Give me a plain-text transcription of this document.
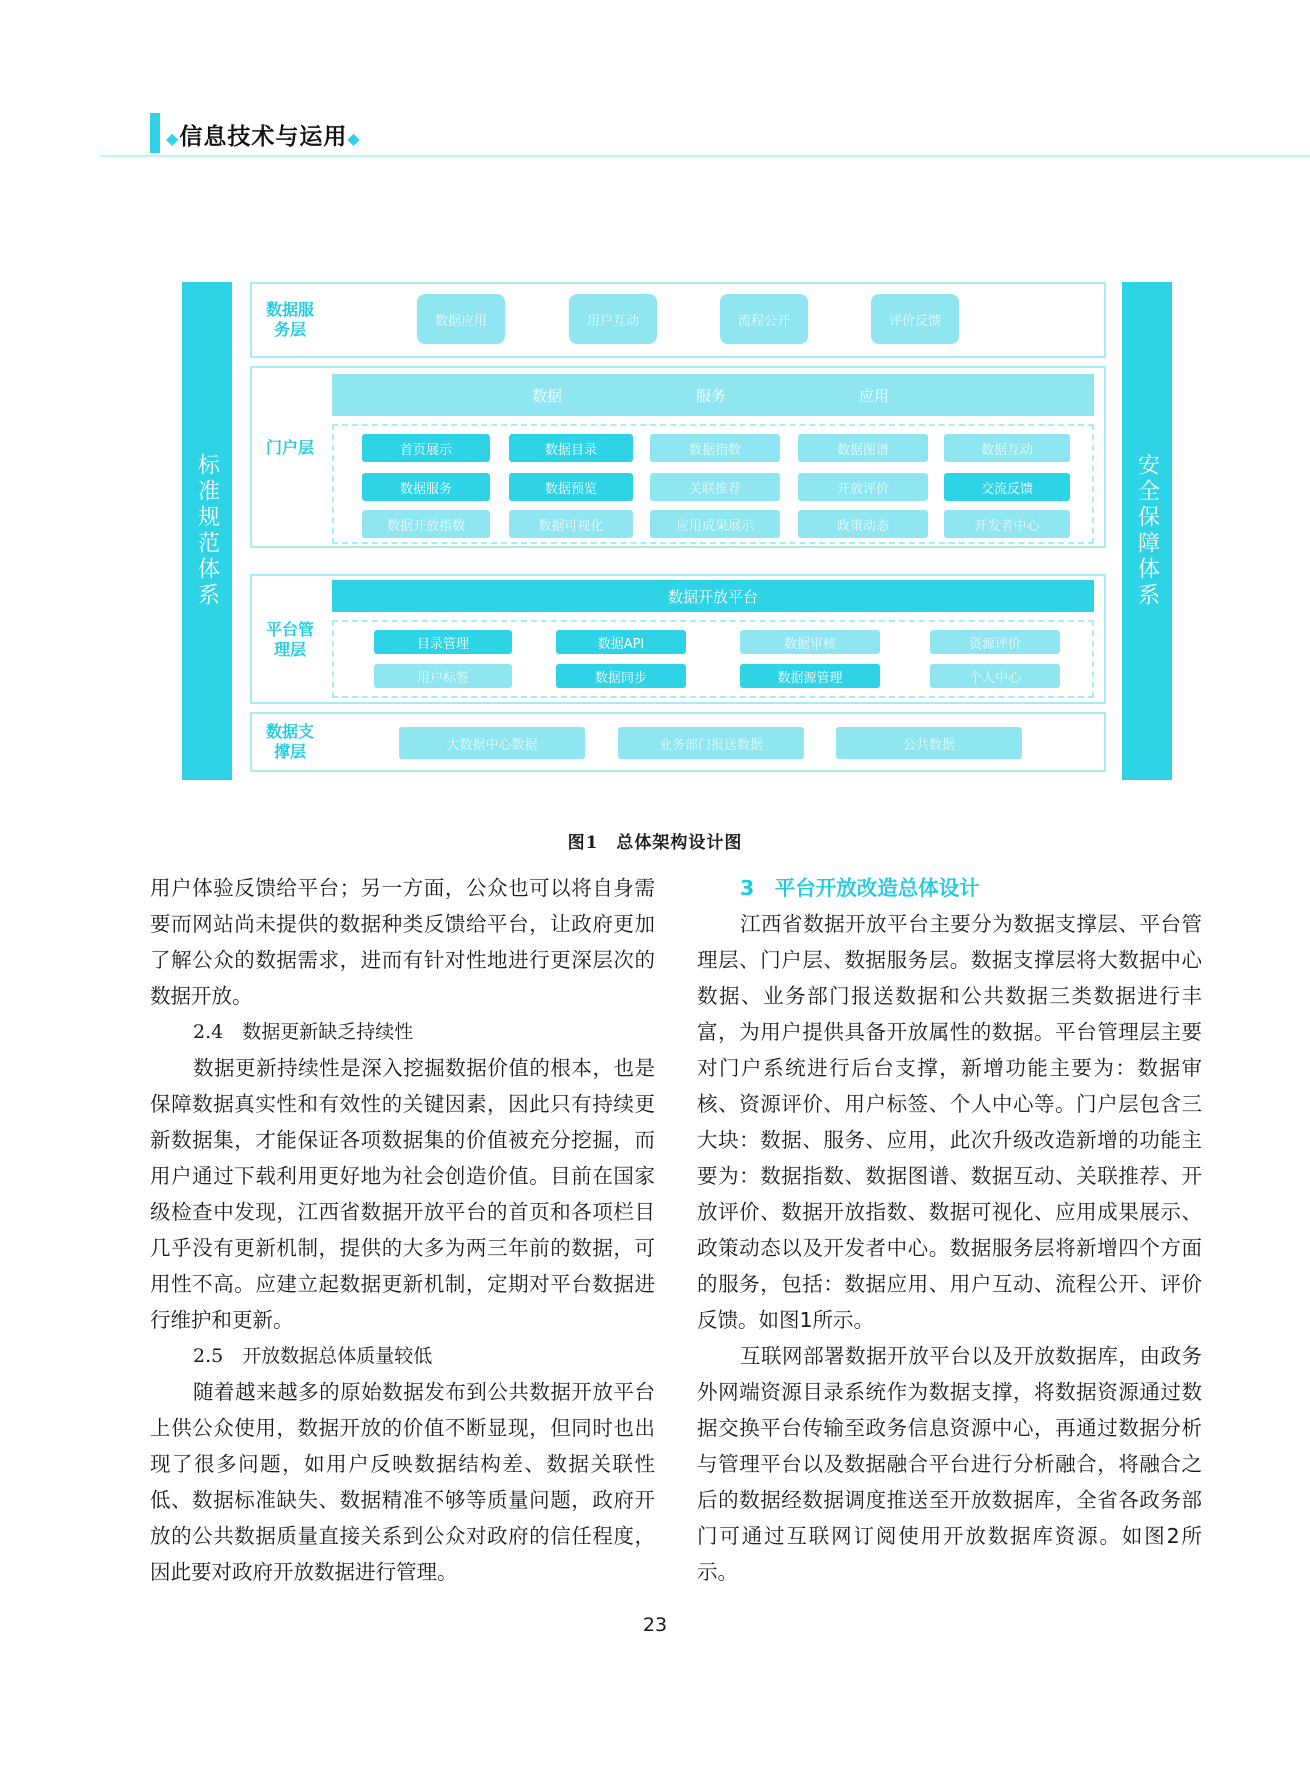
◆信息技术与运用◆
标准规范体系	安全保障体系
数据服务层	数据应用	用户互动	流程公开	评价反馈
门户层
数据	服务	应用
首页展示	数据目录	数据指数	数据图谱	数据互动
数据服务	数据预览	关联推荐	开放评价	交流反馈
数据开放指数	数据可视化	应用成果展示	政策动态	开发者中心
平台管理层
数据开放平台
目录管理	数据API	数据审核	资源评价
用户标签	数据同步	数据源管理	个人中心
数据支撑层	大数据中心数据	业务部门报送数据	公共数据
图1　总体架构设计图

用户体验反馈给平台；另一方面，公众也可以将自身需要而网站尚未提供的数据种类反馈给平台，让政府更加了解公众的数据需求，进而有针对性地进行更深层次的数据开放。

2.4　数据更新缺乏持续性

数据更新持续性是深入挖掘数据价值的根本，也是保障数据真实性和有效性的关键因素，因此只有持续更新数据集，才能保证各项数据集的价值被充分挖掘，而用户通过下载利用更好地为社会创造价值。目前在国家级检查中发现，江西省数据开放平台的首页和各项栏目几乎没有更新机制，提供的大多为两三年前的数据，可用性不高。应建立起数据更新机制，定期对平台数据进行维护和更新。

2.5　开放数据总体质量较低

随着越来越多的原始数据发布到公共数据开放平台上供公众使用，数据开放的价值不断显现，但同时也出现了很多问题，如用户反映数据结构差、数据关联性低、数据标准缺失、数据精准不够等质量问题，政府开放的公共数据质量直接关系到公众对政府的信任程度，因此要对政府开放数据进行管理。

3　平台开放改造总体设计

江西省数据开放平台主要分为数据支撑层、平台管理层、门户层、数据服务层。数据支撑层将大数据中心数据、业务部门报送数据和公共数据三类数据进行丰富，为用户提供具备开放属性的数据。平台管理层主要对门户系统进行后台支撑，新增功能主要为：数据审核、资源评价、用户标签、个人中心等。门户层包含三大块：数据、服务、应用，此次升级改造新增的功能主要为：数据指数、数据图谱、数据互动、关联推荐、开放评价、数据开放指数、数据可视化、应用成果展示、政策动态以及开发者中心。数据服务层将新增四个方面的服务，包括：数据应用、用户互动、流程公开、评价反馈。如图1所示。

互联网部署数据开放平台以及开放数据库，由政务外网端资源目录系统作为数据支撑，将数据资源通过数据交换平台传输至政务信息资源中心，再通过数据分析与管理平台以及数据融合平台进行分析融合，将融合之后的数据经数据调度推送至开放数据库，全省各政务部门可通过互联网订阅使用开放数据库资源。如图2所示。

23
